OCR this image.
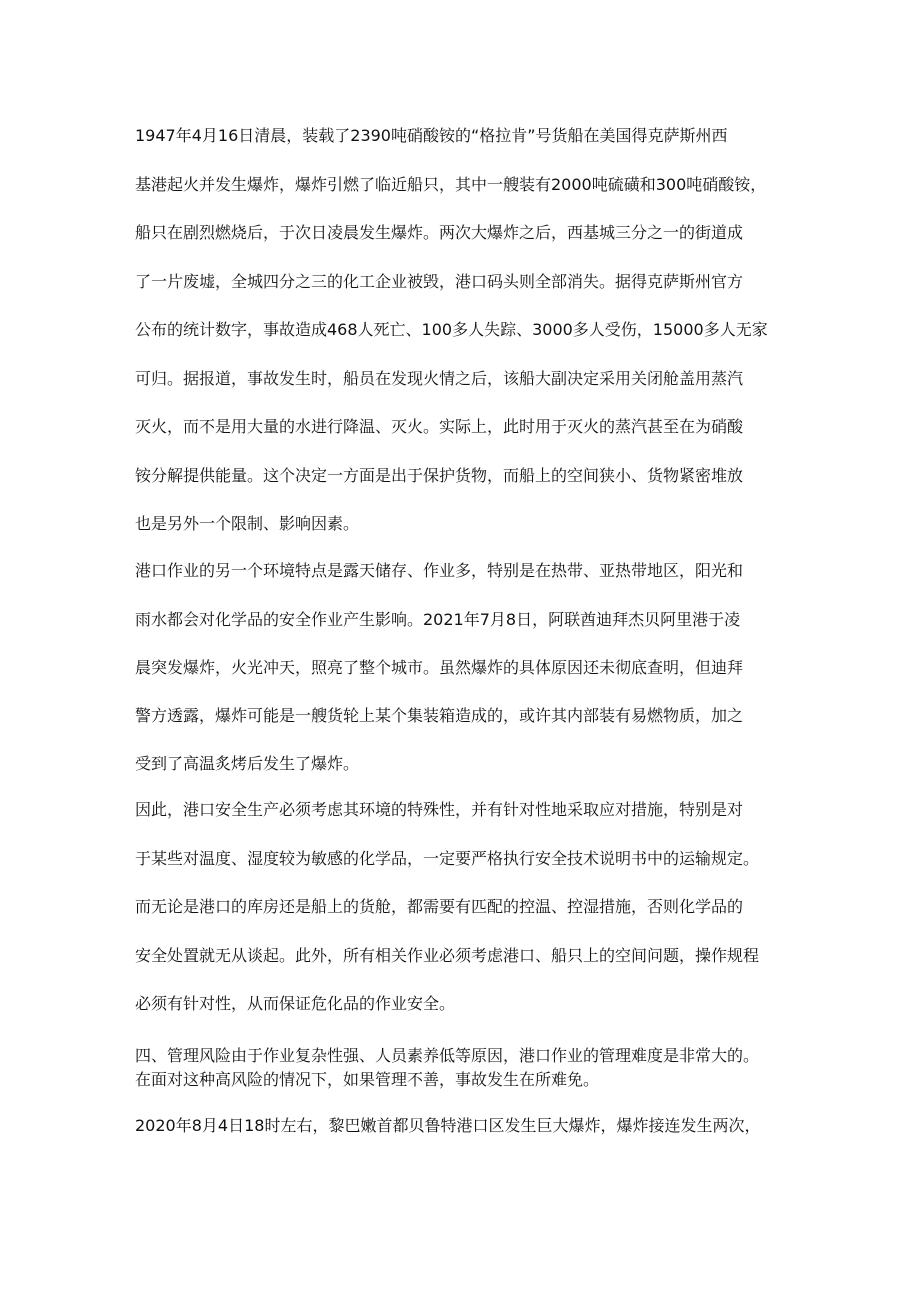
1947年4月16日清晨，装载了2390吨硝酸铵的“格拉肯”号货船在美国得克萨斯州西

基港起火并发生爆炸，爆炸引燃了临近船只，其中一艘装有2000吨硫磺和300吨硝酸铵，

船只在剧烈燃烧后，于次日凌晨发生爆炸。两次大爆炸之后，西基城三分之一的街道成

了一片废墟，全城四分之三的化工企业被毁，港口码头则全部消失。据得克萨斯州官方

公布的统计数字，事故造成468人死亡、100多人失踪、3000多人受伤，15000多人无家

可归。据报道，事故发生时，船员在发现火情之后，该船大副决定采用关闭舱盖用蒸汽

灭火，而不是用大量的水进行降温、灭火。实际上，此时用于灭火的蒸汽甚至在为硝酸

铵分解提供能量。这个决定一方面是出于保护货物，而船上的空间狭小、货物紧密堆放

也是另外一个限制、影响因素。

港口作业的另一个环境特点是露天储存、作业多，特别是在热带、亚热带地区，阳光和

雨水都会对化学品的安全作业产生影响。2021年7月8日，阿联酋迪拜杰贝阿里港于凌

晨突发爆炸，火光冲天，照亮了整个城市。虽然爆炸的具体原因还未彻底查明，但迪拜

警方透露，爆炸可能是一艘货轮上某个集装箱造成的，或许其内部装有易燃物质，加之

受到了高温炙烤后发生了爆炸。

因此，港口安全生产必须考虑其环境的特殊性，并有针对性地采取应对措施，特别是对

于某些对温度、湿度较为敏感的化学品，一定要严格执行安全技术说明书中的运输规定。

而无论是港口的库房还是船上的货舱，都需要有匹配的控温、控湿措施，否则化学品的

安全处置就无从谈起。此外，所有相关作业必须考虑港口、船只上的空间问题，操作规程

必须有针对性，从而保证危化品的作业安全。

四、管理风险由于作业复杂性强、人员素养低等原因，港口作业的管理难度是非常大的。

在面对这种高风险的情况下，如果管理不善，事故发生在所难免。

2020年8月4日18时左右，黎巴嫩首都贝鲁特港口区发生巨大爆炸，爆炸接连发生两次，
